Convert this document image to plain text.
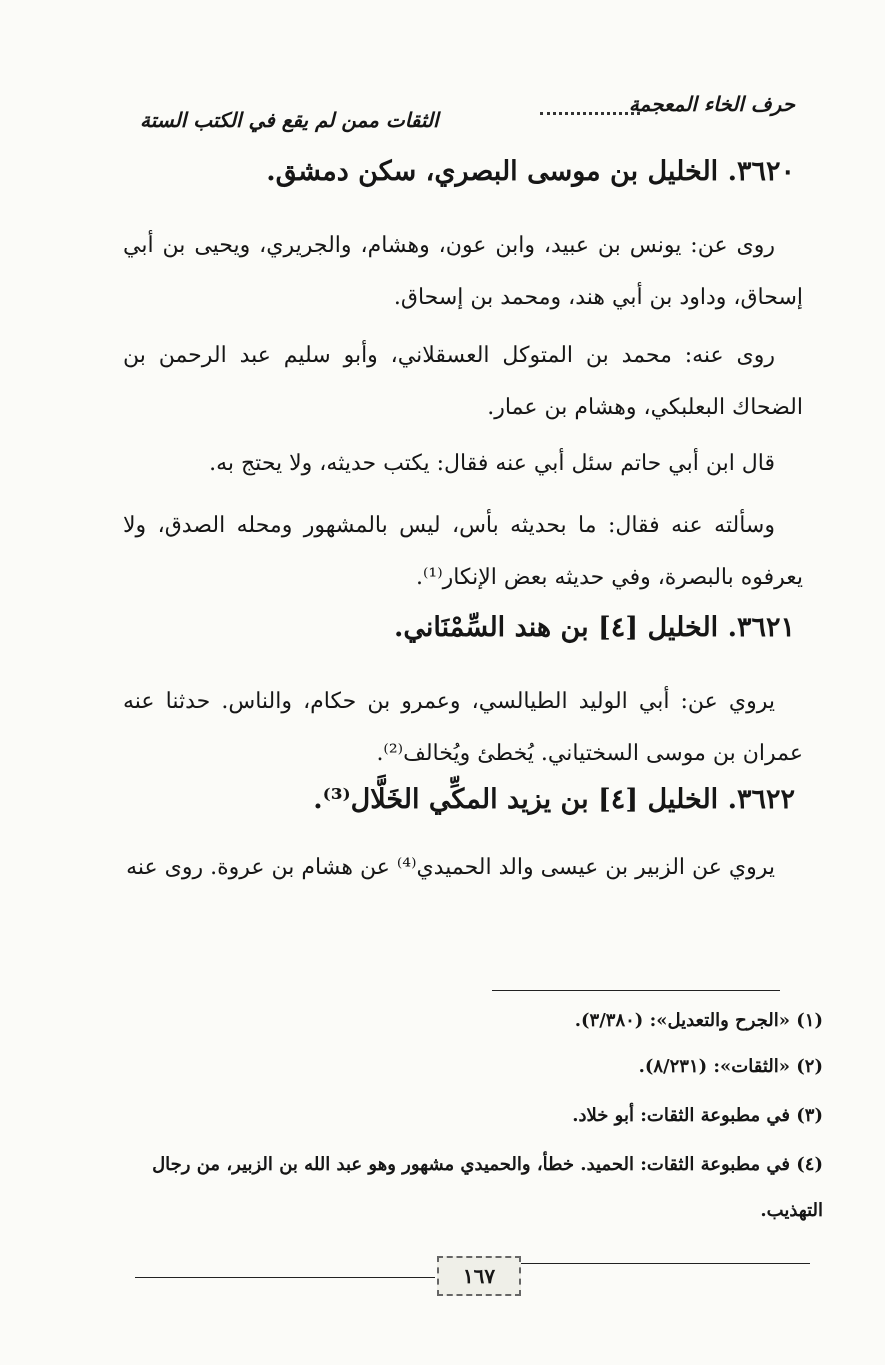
حرف الخاء المعجمة
الثقات ممن لم يقع في الكتب الستة
٣٦٢٠. الخليل بن موسى البصري، سكن دمشق.
روى عن: يونس بن عبيد، وابن عون، وهشام، والجريري، ويحيى بن أبي إسحاق، وداود بن أبي هند، ومحمد بن إسحاق.
روى عنه: محمد بن المتوكل العسقلاني، وأبو سليم عبد الرحمن بن الضحاك البعلبكي، وهشام بن عمار.
قال ابن أبي حاتم سئل أبي عنه فقال: يكتب حديثه، ولا يحتج به.
وسألته عنه فقال: ما بحديثه بأس، ليس بالمشهور ومحله الصدق، ولا يعرفوه بالبصرة، وفي حديثه بعض الإنكار⁽¹⁾.
٣٦٢١. الخليل [٤] بن هند السِّمْنَاني.
يروي عن: أبي الوليد الطيالسي، وعمرو بن حكام، والناس. حدثنا عنه عمران بن موسى السختياني. يُخطئ ويُخالف⁽²⁾.
٣٦٢٢. الخليل [٤] بن يزيد المكِّي الخَلَّال⁽³⁾.
يروي عن الزبير بن عيسى والد الحميدي⁽⁴⁾ عن هشام بن عروة. روى عنه
(١) «الجرح والتعديل»: (٣/٣٨٠).
(٢) «الثقات»: (٨/٢٣١).
(٣) في مطبوعة الثقات: أبو خلاد.
(٤) في مطبوعة الثقات: الحميد. خطأ، والحميدي مشهور وهو عبد الله بن الزبير، من رجال التهذيب.
١٦٧
